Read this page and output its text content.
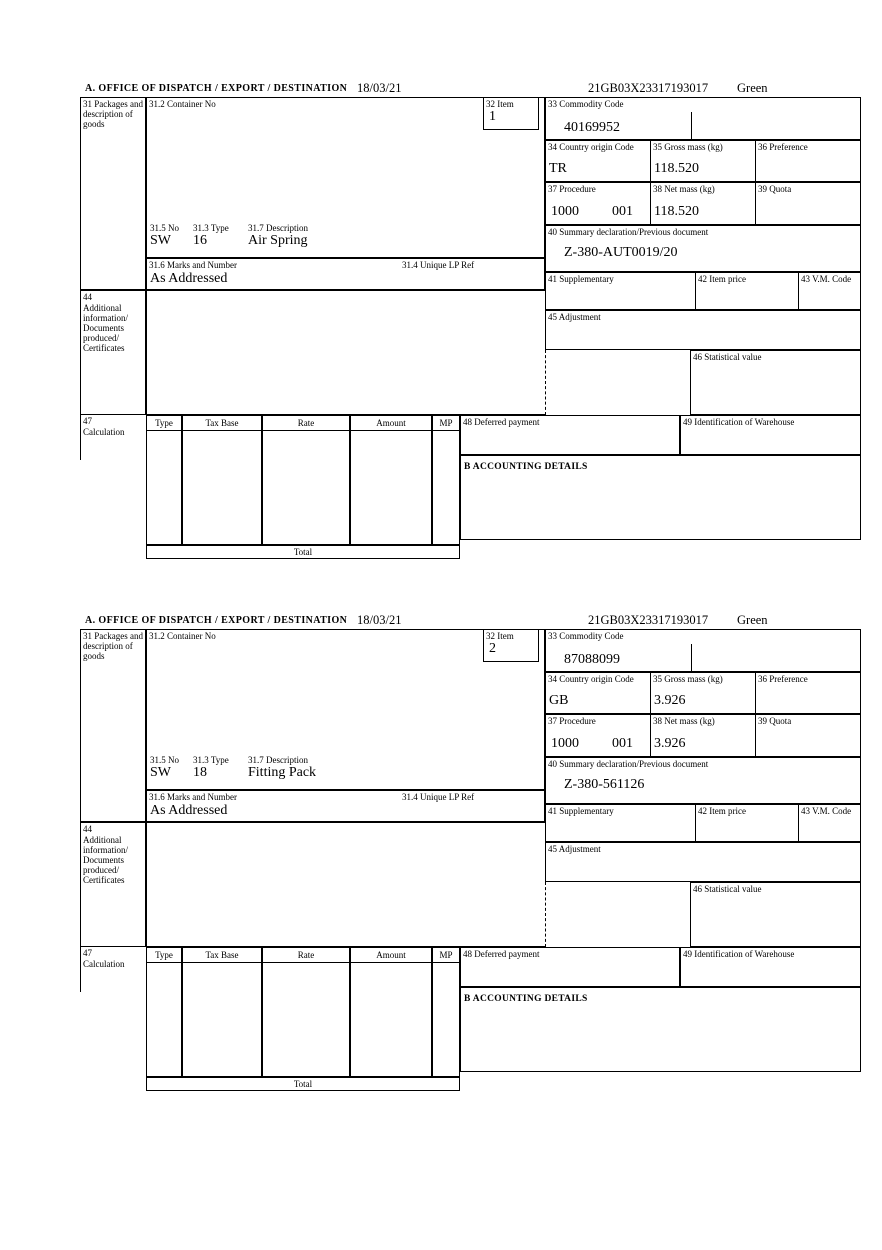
A. OFFICE OF DISPATCH / EXPORT / DESTINATION 18/03/21	21GB03X23317193017 Green
31 Packages and description of goods
31.2 Container No	32 Item
1
31.5 No 31.3 Type 31.7 Description
SW 16	Air Spring
31.6 Marks and Number	31.4 Unique LP Ref
As Addressed
44
Additional information/ Documents produced/ Certificates
33 Commodity Code
40169952
34 Country origin Code
TR
35 Gross mass (kg)
118.520
36 Preference
37 Procedure
1000 001
38 Net mass (kg)
118.520
39 Quota
40 Summary declaration/Previous document
Z-380-AUT0019/20
41 Supplementary	42 Item price	43 V.M. Code
45 Adjustment
46 Statistical value
47
Calculation
Type	Tax Base	Rate	Amount	MP
Total
48 Deferred payment	49 Identification of Warehouse
B ACCOUNTING DETAILS
A. OFFICE OF DISPATCH / EXPORT / DESTINATION 18/03/21	21GB03X23317193017 Green
31 Packages and description of goods
31.2 Container No	32 Item
2
31.5 No 31.3 Type 31.7 Description
SW 18	Fitting Pack
31.6 Marks and Number	31.4 Unique LP Ref
As Addressed
44
Additional information/ Documents produced/ Certificates
33 Commodity Code
87088099
34 Country origin Code
GB
35 Gross mass (kg)
3.926
36 Preference
37 Procedure
1000 001
38 Net mass (kg)
3.926
39 Quota
40 Summary declaration/Previous document
Z-380-561126
41 Supplementary	42 Item price	43 V.M. Code
45 Adjustment
46 Statistical value
47
Calculation
Type	Tax Base	Rate	Amount	MP
Total
48 Deferred payment	49 Identification of Warehouse
B ACCOUNTING DETAILS
